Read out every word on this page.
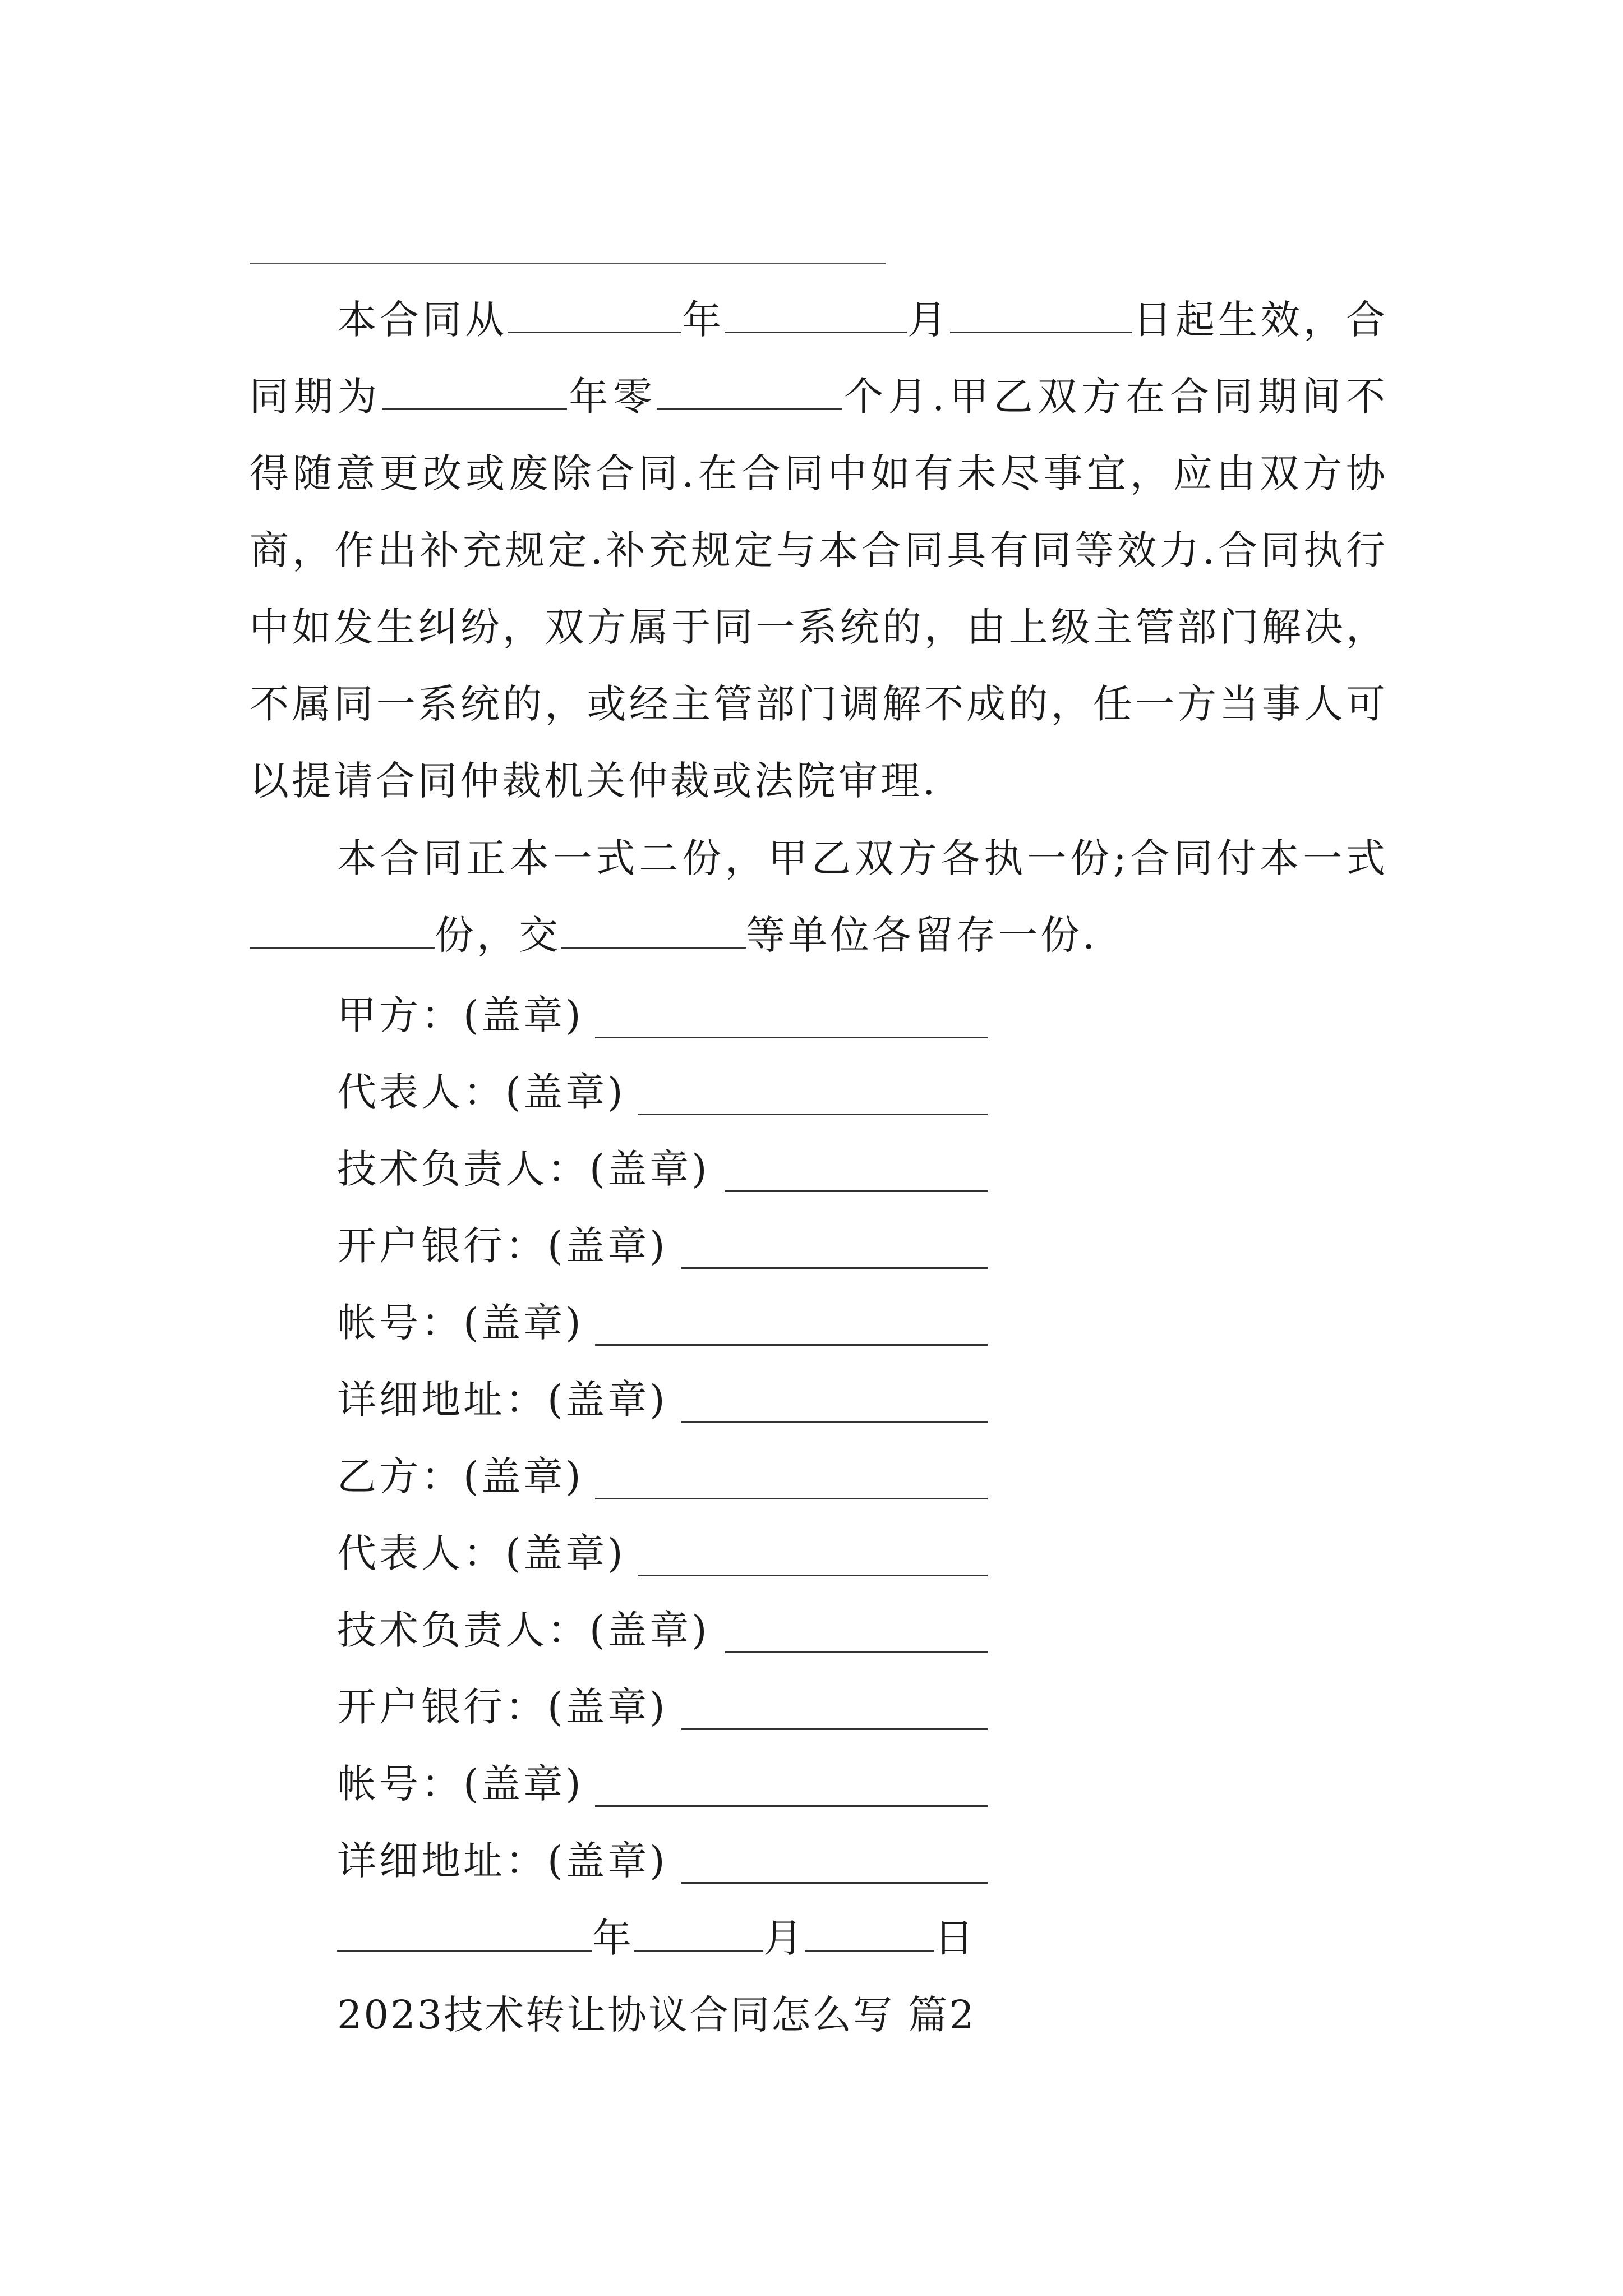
本合同从	年	月	日起生效，合同期为	年零	个月.甲乙双方在合同期间不得随意更改或废除合同.在合同中如有未尽事宜，应由双方协商，作出补充规定.补充规定与本合同具有同等效力.合同执行中如发生纠纷，双方属于同一系统的，由上级主管部门解决，不属同一系统的，或经主管部门调解不成的，任一方当事人可以提请合同仲裁机关仲裁或法院审理.

本合同正本一式二份，甲乙双方各执一份;合同付本一式份，交	等单位各留存一份.

甲方：(盖章)
代表人：(盖章)
技术负责人：(盖章)
开户银行：(盖章)
帐号：(盖章)
详细地址：(盖章)
乙方：(盖章)
代表人：(盖章)
技术负责人：(盖章)
开户银行：(盖章)
帐号：(盖章)
详细地址：(盖章)
年	月	日
2023技术转让协议合同怎么写 篇2
